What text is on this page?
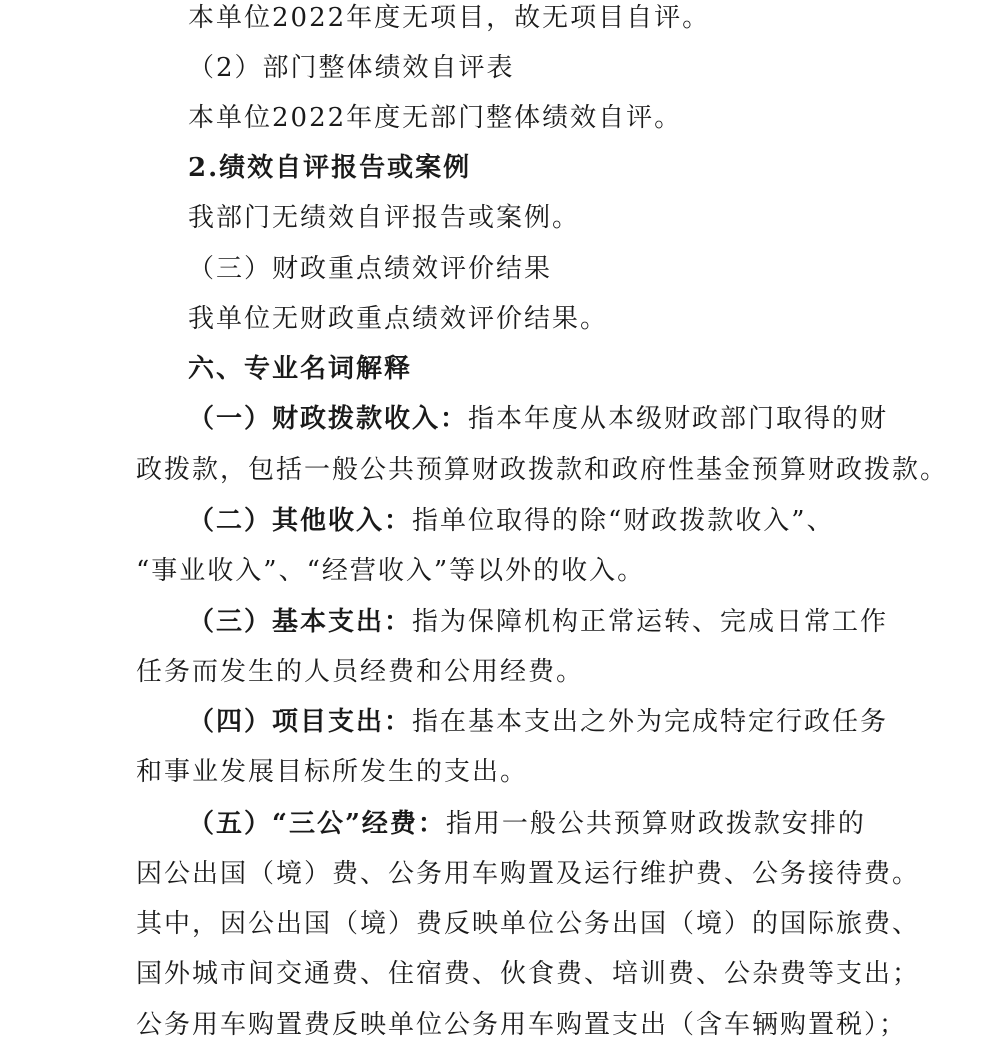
本单位2022年度无项目，故无项目自评。
（2）部门整体绩效自评表
本单位2022年度无部门整体绩效自评。
2.绩效自评报告或案例
我部门无绩效自评报告或案例。
（三）财政重点绩效评价结果
我单位无财政重点绩效评价结果。
六、专业名词解释
（一）财政拨款收入：指本年度从本级财政部门取得的财
政拨款，包括一般公共预算财政拨款和政府性基金预算财政拨款。
（二）其他收入：指单位取得的除“财政拨款收入”、
“事业收入”、“经营收入”等以外的收入。
（三）基本支出：指为保障机构正常运转、完成日常工作
任务而发生的人员经费和公用经费。
（四）项目支出：指在基本支出之外为完成特定行政任务
和事业发展目标所发生的支出。
（五）“三公”经费：指用一般公共预算财政拨款安排的
因公出国（境）费、公务用车购置及运行维护费、公务接待费。
其中，因公出国（境）费反映单位公务出国（境）的国际旅费、
国外城市间交通费、住宿费、伙食费、培训费、公杂费等支出；
公务用车购置费反映单位公务用车购置支出（含车辆购置税）；
